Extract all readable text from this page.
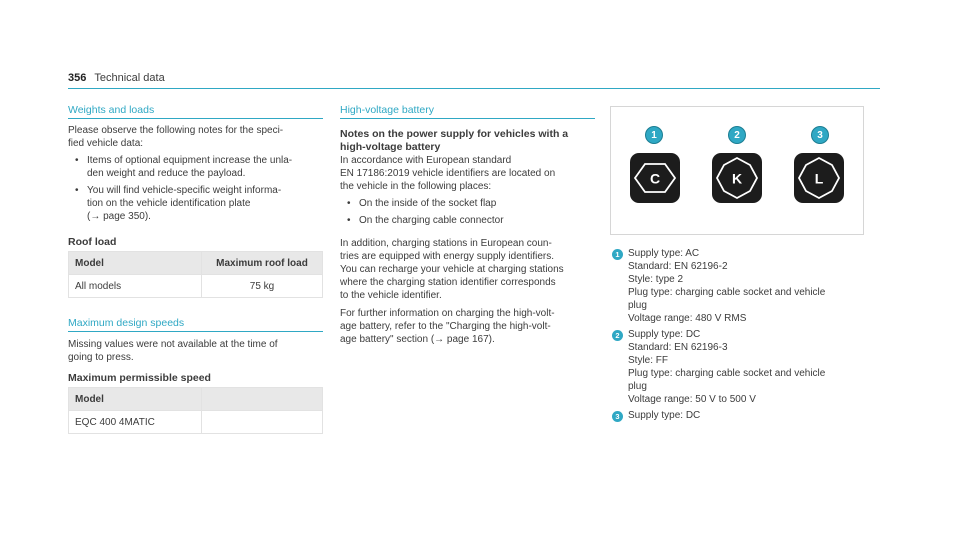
356 Technical data
Weights and loads
Please observe the following notes for the speci-
fied vehicle data:
• Items of optional equipment increase the unla-
den weight and reduce the payload.
• You will find vehicle-specific weight informa-
tion on the vehicle identification plate
(→ page 350).
Roof load
Model	Maximum roof load
All models	75 kg
Maximum design speeds
Missing values were not available at the time of
going to press.
Maximum permissible speed
Model	
EQC 400 4MATIC	
High-voltage battery
Notes on the power supply for vehicles with a
high-voltage battery
In accordance with European standard
EN 17186:2019 vehicle identifiers are located on
the vehicle in the following places:
• On the inside of the socket flap
• On the charging cable connector
In addition, charging stations in European coun-
tries are equipped with energy supply identifiers.
You can recharge your vehicle at charging stations
where the charging station identifier corresponds
to the vehicle identifier.
For further information on charging the high-volt-
age battery, refer to the "Charging the high-volt-
age battery" section (→ page 167).
1	2	3
C	K	L
1 Supply type: AC
Standard: EN 62196-2
Style: type 2
Plug type: charging cable socket and vehicle
plug
Voltage range: 480 V RMS
2 Supply type: DC
Standard: EN 62196-3
Style: FF
Plug type: charging cable socket and vehicle
plug
Voltage range: 50 V to 500 V
3 Supply type: DC
